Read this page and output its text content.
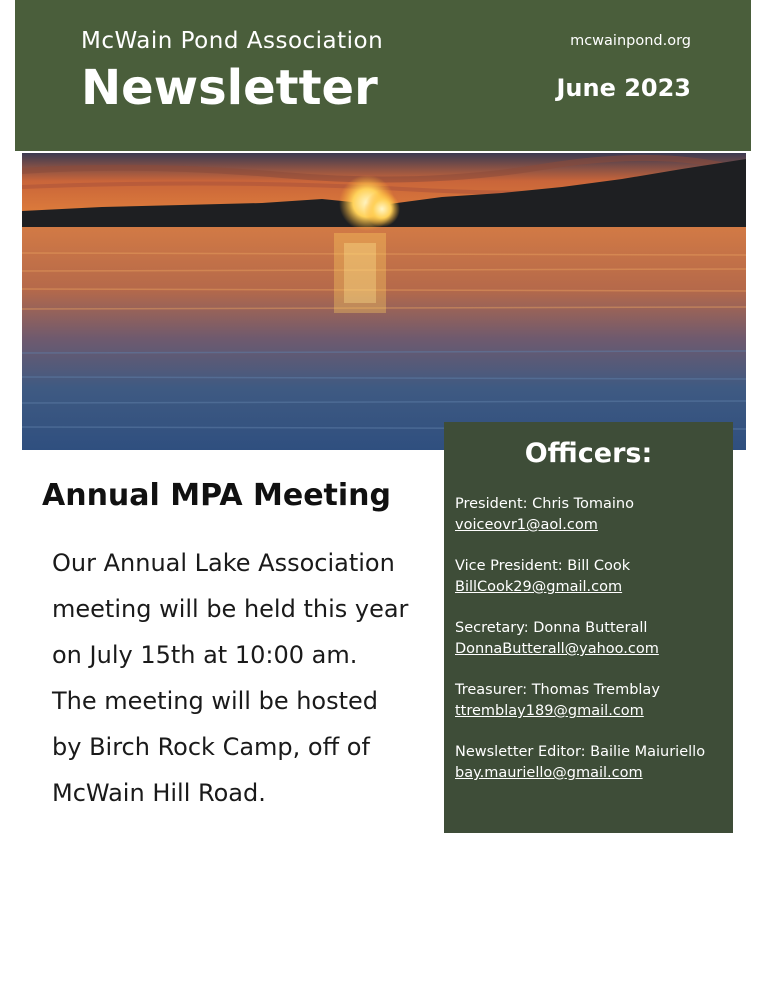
McWain Pond Association
Newsletter
mcwainpond.org
June 2023
Annual MPA Meeting

Our Annual Lake Association meeting will be held this year on July 15th at 10:00 am.

The meeting will be hosted by Birch Rock Camp, off of McWain Hill Road.

Officers:
President: Chris Tomaino
voiceovr1@aol.com
Vice President: Bill Cook
BillCook29@gmail.com
Secretary: Donna Butterall
DonnaButterall@yahoo.com
Treasurer: Thomas Tremblay
ttremblay189@gmail.com
Newsletter Editor: Bailie Maiuriello
bay.mauriello@gmail.com
